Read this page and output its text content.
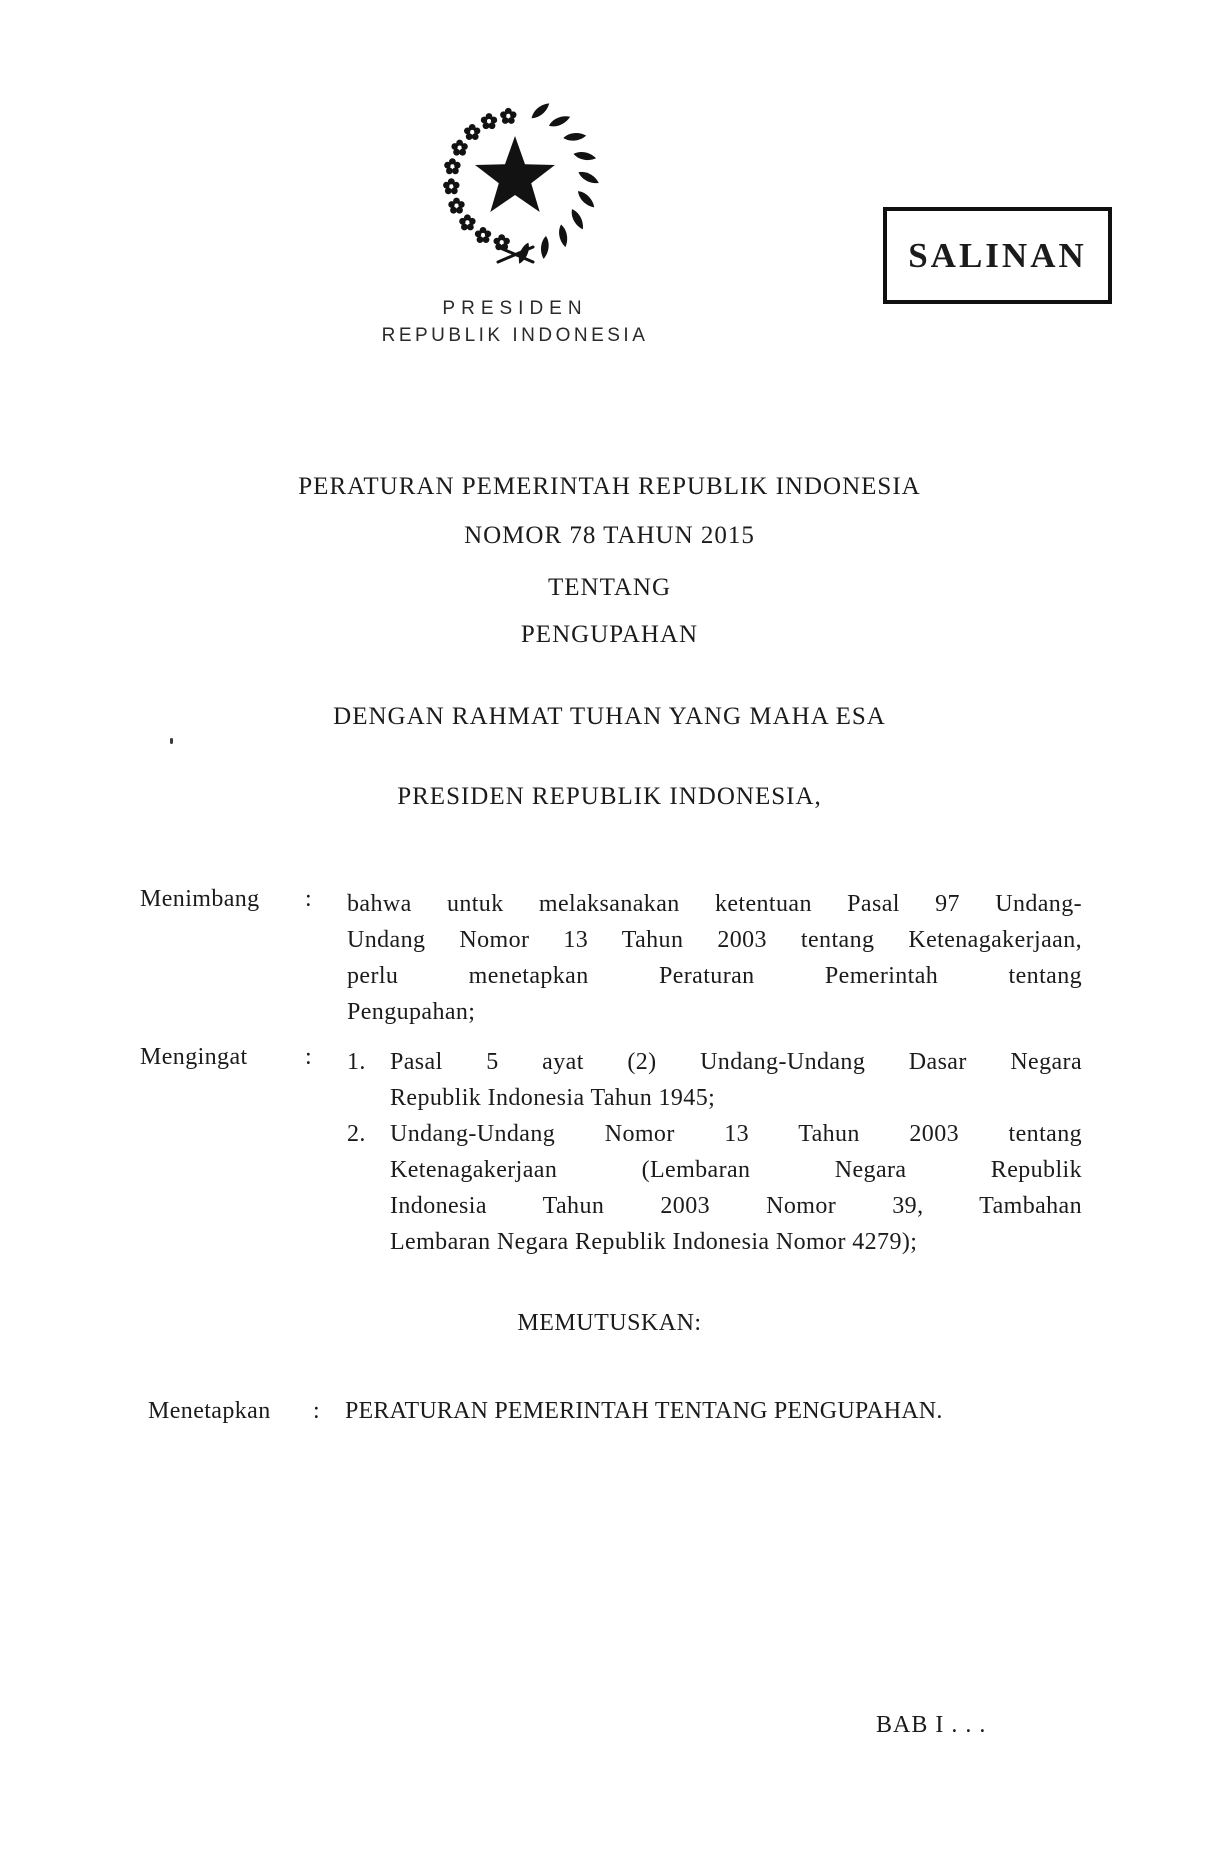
PRESIDEN
REPUBLIK INDONESIA
SALINAN
PERATURAN PEMERINTAH REPUBLIK INDONESIA
NOMOR 78 TAHUN 2015
TENTANG
PENGUPAHAN
DENGAN RAHMAT TUHAN YANG MAHA ESA
PRESIDEN REPUBLIK INDONESIA,
Menimbang : bahwa untuk melaksanakan ketentuan Pasal 97 Undang-
Undang Nomor 13 Tahun 2003 tentang Ketenagakerjaan,
perlu menetapkan Peraturan Pemerintah tentang
Pengupahan;
Mengingat : 1.	Pasal 5 ayat (2) Undang-Undang Dasar Negara
Republik Indonesia Tahun 1945;
2.	Undang-Undang Nomor 13 Tahun 2003 tentang
Ketenagakerjaan (Lembaran Negara Republik
Indonesia Tahun 2003 Nomor 39, Tambahan
Lembaran Negara Republik Indonesia Nomor 4279);
MEMUTUSKAN:
Menetapkan : PERATURAN PEMERINTAH TENTANG PENGUPAHAN.
BAB I . . .
